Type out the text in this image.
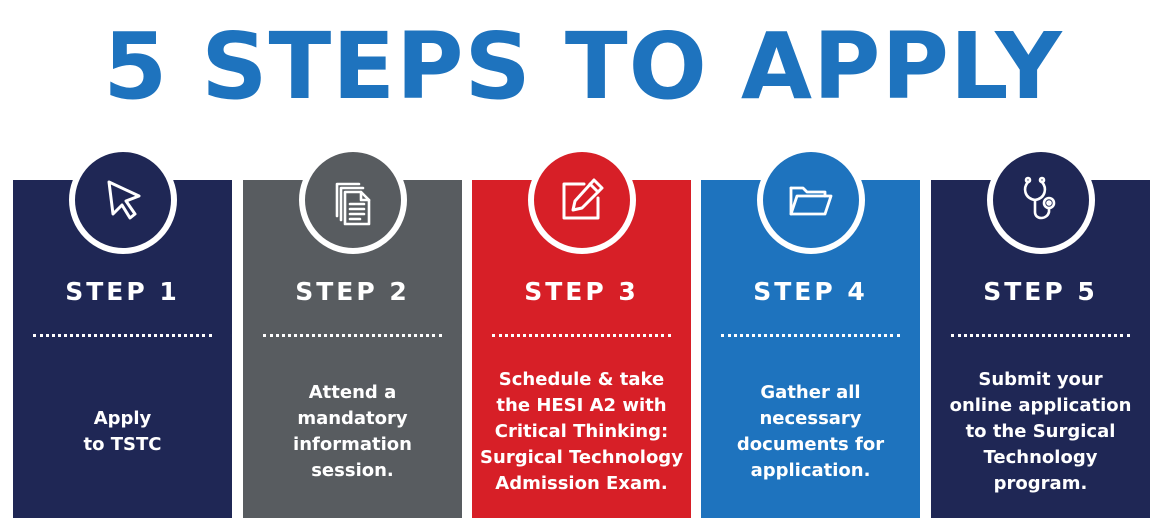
5 STEPS TO APPLY
STEP 1
Apply
to TSTC
STEP 2
Attend a
mandatory
information
session.
STEP 3
Schedule & take
the HESI A2 with
Critical Thinking:
Surgical Technology
Admission Exam.
STEP 4
Gather all
necessary
documents for
application.
STEP 5
Submit your
online application
to the Surgical
Technology
program.
